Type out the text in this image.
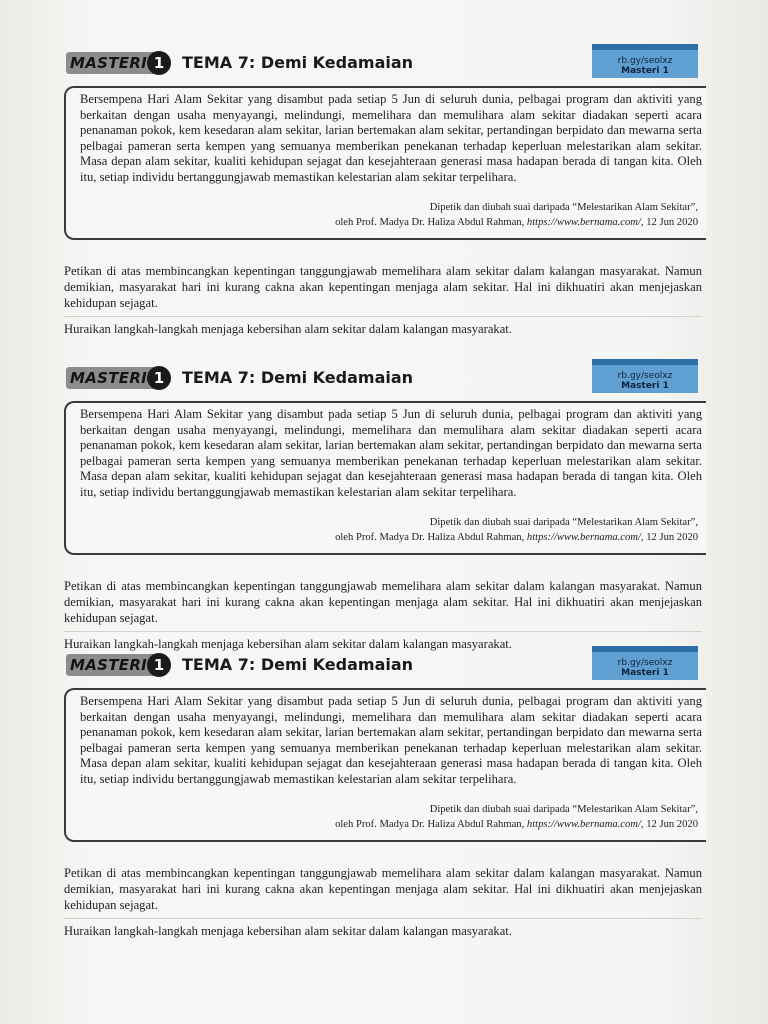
MASTERI 1	TEMA 7: Demi Kedamaian	rb.gy/seolxz
Masteri 1
Bersempena Hari Alam Sekitar yang disambut pada setiap 5 Jun di seluruh dunia, pelbagai program dan aktiviti yang berkaitan dengan usaha menyayangi, melindungi, memelihara dan memulihara alam sekitar diadakan seperti acara penanaman pokok, kem kesedaran alam sekitar, larian bertemakan alam sekitar, pertandingan berpidato dan mewarna serta pelbagai pameran serta kempen yang semuanya memberikan penekanan terhadap keperluan melestarikan alam sekitar. Masa depan alam sekitar, kualiti kehidupan sejagat dan kesejahteraan generasi masa hadapan berada di tangan kita. Oleh itu, setiap individu bertanggungjawab memastikan kelestarian alam sekitar terpelihara.
Dipetik dan diubah suai daripada “Melestarikan Alam Sekitar”,
oleh Prof. Madya Dr. Haliza Abdul Rahman, https://www.bernama.com/, 12 Jun 2020
Petikan di atas membincangkan kepentingan tanggungjawab memelihara alam sekitar dalam kalangan masyarakat. Namun demikian, masyarakat hari ini kurang cakna akan kepentingan menjaga alam sekitar. Hal ini dikhuatiri akan menjejaskan kehidupan sejagat.
Huraikan langkah-langkah menjaga kebersihan alam sekitar dalam kalangan masyarakat.
MASTERI 1	TEMA 7: Demi Kedamaian	rb.gy/seolxz
Masteri 1
Bersempena Hari Alam Sekitar yang disambut pada setiap 5 Jun di seluruh dunia, pelbagai program dan aktiviti yang berkaitan dengan usaha menyayangi, melindungi, memelihara dan memulihara alam sekitar diadakan seperti acara penanaman pokok, kem kesedaran alam sekitar, larian bertemakan alam sekitar, pertandingan berpidato dan mewarna serta pelbagai pameran serta kempen yang semuanya memberikan penekanan terhadap keperluan melestarikan alam sekitar. Masa depan alam sekitar, kualiti kehidupan sejagat dan kesejahteraan generasi masa hadapan berada di tangan kita. Oleh itu, setiap individu bertanggungjawab memastikan kelestarian alam sekitar terpelihara.
Dipetik dan diubah suai daripada “Melestarikan Alam Sekitar”,
oleh Prof. Madya Dr. Haliza Abdul Rahman, https://www.bernama.com/, 12 Jun 2020
Petikan di atas membincangkan kepentingan tanggungjawab memelihara alam sekitar dalam kalangan masyarakat. Namun demikian, masyarakat hari ini kurang cakna akan kepentingan menjaga alam sekitar. Hal ini dikhuatiri akan menjejaskan kehidupan sejagat.
Huraikan langkah-langkah menjaga kebersihan alam sekitar dalam kalangan masyarakat.
MASTERI 1	TEMA 7: Demi Kedamaian	rb.gy/seolxz
Masteri 1
Bersempena Hari Alam Sekitar yang disambut pada setiap 5 Jun di seluruh dunia, pelbagai program dan aktiviti yang berkaitan dengan usaha menyayangi, melindungi, memelihara dan memulihara alam sekitar diadakan seperti acara penanaman pokok, kem kesedaran alam sekitar, larian bertemakan alam sekitar, pertandingan berpidato dan mewarna serta pelbagai pameran serta kempen yang semuanya memberikan penekanan terhadap keperluan melestarikan alam sekitar. Masa depan alam sekitar, kualiti kehidupan sejagat dan kesejahteraan generasi masa hadapan berada di tangan kita. Oleh itu, setiap individu bertanggungjawab memastikan kelestarian alam sekitar terpelihara.
Dipetik dan diubah suai daripada “Melestarikan Alam Sekitar”,
oleh Prof. Madya Dr. Haliza Abdul Rahman, https://www.bernama.com/, 12 Jun 2020
Petikan di atas membincangkan kepentingan tanggungjawab memelihara alam sekitar dalam kalangan masyarakat. Namun demikian, masyarakat hari ini kurang cakna akan kepentingan menjaga alam sekitar. Hal ini dikhuatiri akan menjejaskan kehidupan sejagat.
Huraikan langkah-langkah menjaga kebersihan alam sekitar dalam kalangan masyarakat.
